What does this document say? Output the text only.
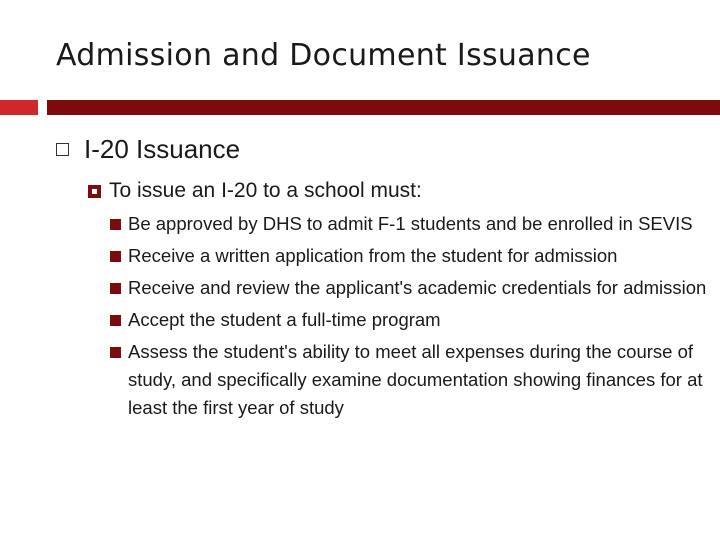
Admission and Document Issuance
I-20 Issuance
To issue an I-20 to a school must:
Be approved by DHS to admit F-1 students and be enrolled in SEVIS
Receive a written application from the student for admission
Receive and review the applicant's academic credentials for admission
Accept the student a full-time program
Assess the student's ability to meet all expenses during the course of study, and specifically examine documentation showing finances for at least the first year of study
